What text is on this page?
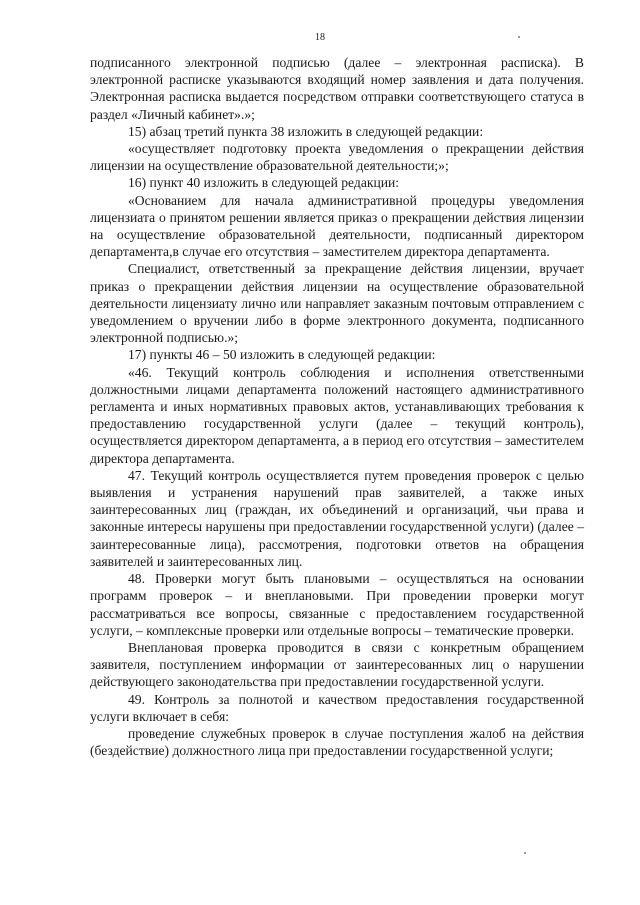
18

подписанного электронной подписью (далее – электронная расписка). В электронной расписке указываются входящий номер заявления и дата получения. Электронная расписка выдается посредством отправки соответствующего статуса в раздел «Личный кабинет».»;

15) абзац третий пункта 38 изложить в следующей редакции:

«осуществляет подготовку проекта уведомления о прекращении действия лицензии на осуществление образовательной деятельности;»;

16) пункт 40 изложить в следующей редакции:

«Основанием для начала административной процедуры уведомления лицензиата о принятом решении является приказ о прекращении действия лицензии на осуществление образовательной деятельности, подписанный директором департамента,в случае его отсутствия – заместителем директора департамента.

Специалист, ответственный за прекращение действия лицензии, вручает приказ о прекращении действия лицензии на осуществление образовательной деятельности лицензиату лично или направляет заказным почтовым отправлением с уведомлением о вручении либо в форме электронного документа, подписанного электронной подписью.»;

17) пункты 46 – 50 изложить в следующей редакции:

«46. Текущий контроль соблюдения и исполнения ответственными должностными лицами департамента положений настоящего административного регламента и иных нормативных правовых актов, устанавливающих требования к предоставлению государственной услуги (далее – текущий контроль), осуществляется директором департамента, а в период его отсутствия – заместителем директора департамента.

47. Текущий контроль осуществляется путем проведения проверок с целью выявления и устранения нарушений прав заявителей, а также иных заинтересованных лиц (граждан, их объединений и организаций, чьи права и законные интересы нарушены при предоставлении государственной услуги) (далее – заинтересованные лица), рассмотрения, подготовки ответов на обращения заявителей и заинтересованных лиц.

48. Проверки могут быть плановыми – осуществляться на основании программ проверок – и внеплановыми. При проведении проверки могут рассматриваться все вопросы, связанные с предоставлением государственной услуги, – комплексные проверки или отдельные вопросы – тематические проверки.

Внеплановая проверка проводится в связи с конкретным обращением заявителя, поступлением информации от заинтересованных лиц о нарушении действующего законодательства при предоставлении государственной услуги.

49. Контроль за полнотой и качеством предоставления государственной услуги включает в себя:

проведение служебных проверок в случае поступления жалоб на действия (бездействие) должностного лица при предоставлении государственной услуги;
